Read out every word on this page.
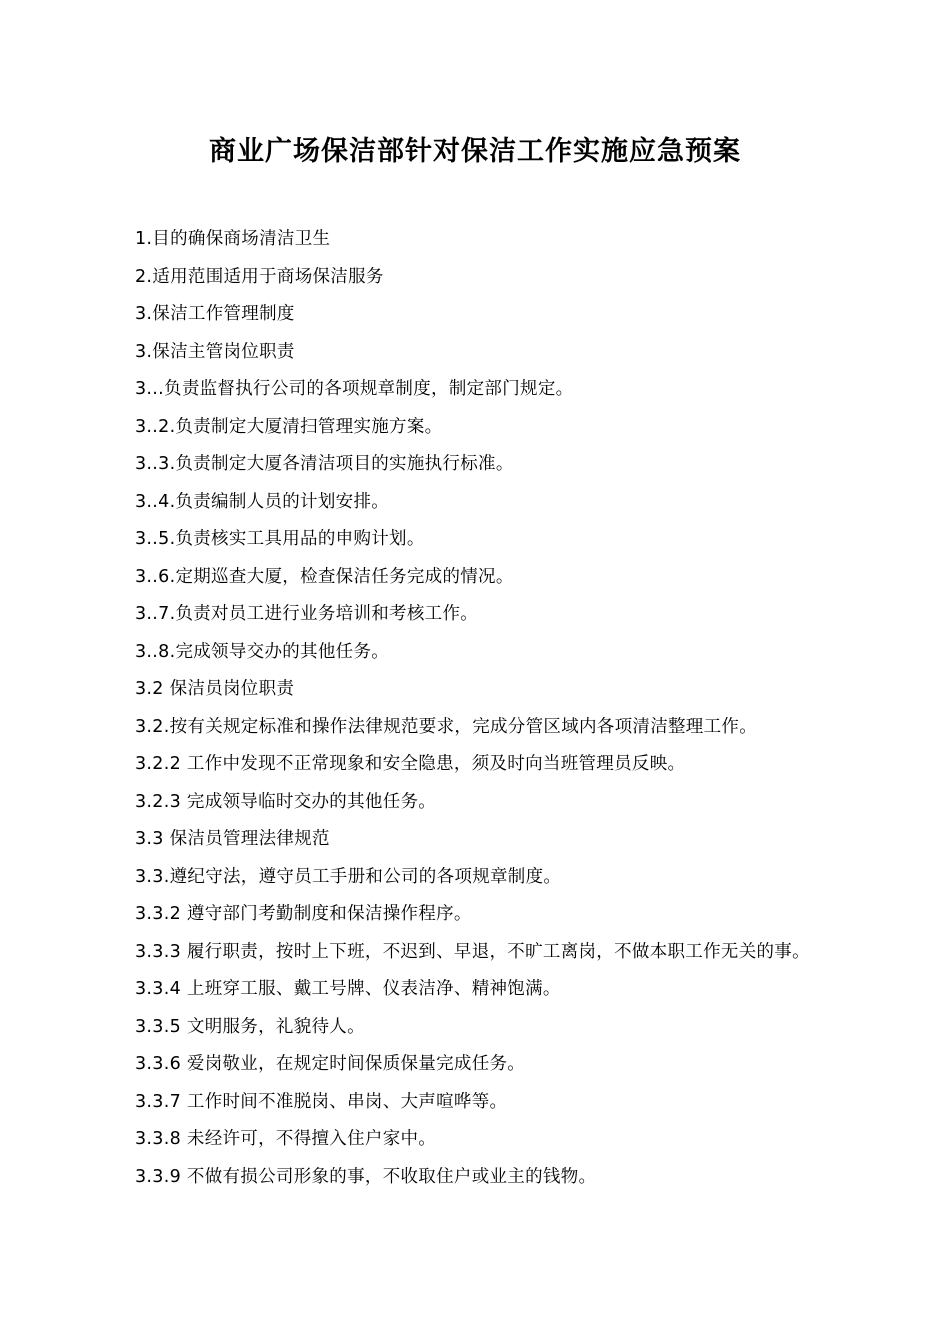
商业广场保洁部针对保洁工作实施应急预案

1.目的确保商场清洁卫生

2.适用范围适用于商场保洁服务

3.保洁工作管理制度

3.保洁主管岗位职责

3...负责监督执行公司的各项规章制度，制定部门规定。

3..2.负责制定大厦清扫管理实施方案。

3..3.负责制定大厦各清洁项目的实施执行标准。

3..4.负责编制人员的计划安排。

3..5.负责核实工具用品的申购计划。

3..6.定期巡查大厦，检查保洁任务完成的情况。

3..7.负责对员工进行业务培训和考核工作。

3..8.完成领导交办的其他任务。

3.2 保洁员岗位职责

3.2.按有关规定标准和操作法律规范要求，完成分管区域内各项清洁整理工作。

3.2.2 工作中发现不正常现象和安全隐患，须及时向当班管理员反映。

3.2.3 完成领导临时交办的其他任务。

3.3 保洁员管理法律规范

3.3.遵纪守法，遵守员工手册和公司的各项规章制度。

3.3.2 遵守部门考勤制度和保洁操作程序。

3.3.3 履行职责，按时上下班，不迟到、早退，不旷工离岗，不做本职工作无关的事。

3.3.4 上班穿工服、戴工号牌、仪表洁净、精神饱满。

3.3.5 文明服务，礼貌待人。

3.3.6 爱岗敬业，在规定时间保质保量完成任务。

3.3.7 工作时间不准脱岗、串岗、大声喧哗等。

3.3.8 未经许可，不得擅入住户家中。

3.3.9 不做有损公司形象的事，不收取住户或业主的钱物。
